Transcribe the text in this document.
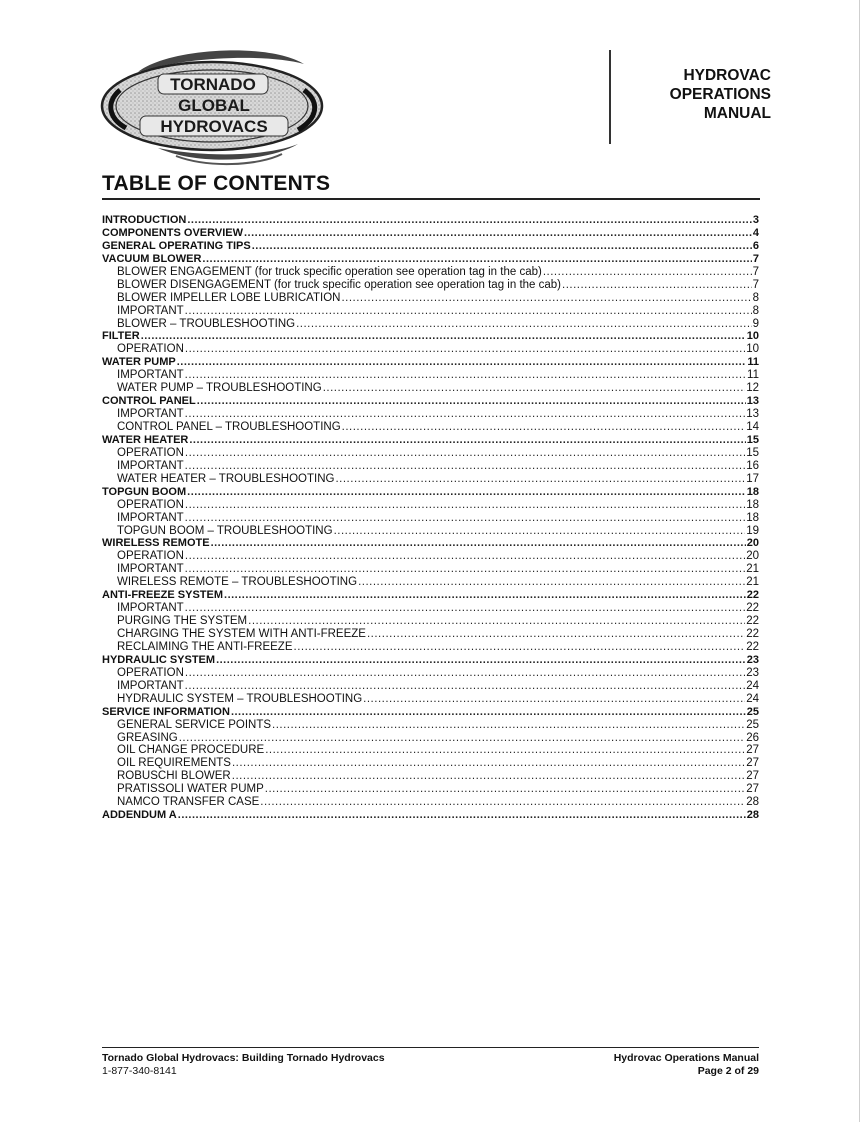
TORNADO
GLOBAL
HYDROVACS
HYDROVAC
OPERATIONS
MANUAL
TABLE OF CONTENTS
INTRODUCTION .....	3
COMPONENTS OVERVIEW .....	4
GENERAL OPERATING TIPS .....	6
VACUUM BLOWER .....	7
BLOWER ENGAGEMENT (for truck specific operation see operation tag in the cab) .....	7
BLOWER DISENGAGEMENT (for truck specific operation see operation tag in the cab) .....	7
BLOWER IMPELLER LOBE LUBRICATION .....	8
IMPORTANT .....	8
BLOWER – TROUBLESHOOTING .....	9
FILTER .....	10
OPERATION .....	10
WATER PUMP .....	11
IMPORTANT .....	11
WATER PUMP – TROUBLESHOOTING .....	12
CONTROL PANEL .....	13
IMPORTANT .....	13
CONTROL PANEL – TROUBLESHOOTING .....	14
WATER HEATER .....	15
OPERATION .....	15
IMPORTANT .....	16
WATER HEATER – TROUBLESHOOTING .....	17
TOPGUN BOOM .....	18
OPERATION .....	18
IMPORTANT .....	18
TOPGUN BOOM – TROUBLESHOOTING .....	19
WIRELESS REMOTE .....	20
OPERATION .....	20
IMPORTANT .....	21
WIRELESS REMOTE – TROUBLESHOOTING .....	21
ANTI-FREEZE SYSTEM .....	22
IMPORTANT .....	22
PURGING THE SYSTEM .....	22
CHARGING THE SYSTEM WITH ANTI-FREEZE .....	22
RECLAIMING THE ANTI-FREEZE .....	22
HYDRAULIC SYSTEM .....	23
OPERATION .....	23
IMPORTANT .....	24
HYDRAULIC SYSTEM – TROUBLESHOOTING .....	24
SERVICE INFORMATION .....	25
GENERAL SERVICE POINTS .....	25
GREASING .....	26
OIL CHANGE PROCEDURE .....	27
OIL REQUIREMENTS .....	27
ROBUSCHI BLOWER .....	27
PRATISSOLI WATER PUMP .....	27
NAMCO TRANSFER CASE .....	28
ADDENDUM A .....	28
Tornado Global Hydrovacs: Building Tornado Hydrovacs
1-877-340-8141
Hydrovac Operations Manual
Page 2 of 29
